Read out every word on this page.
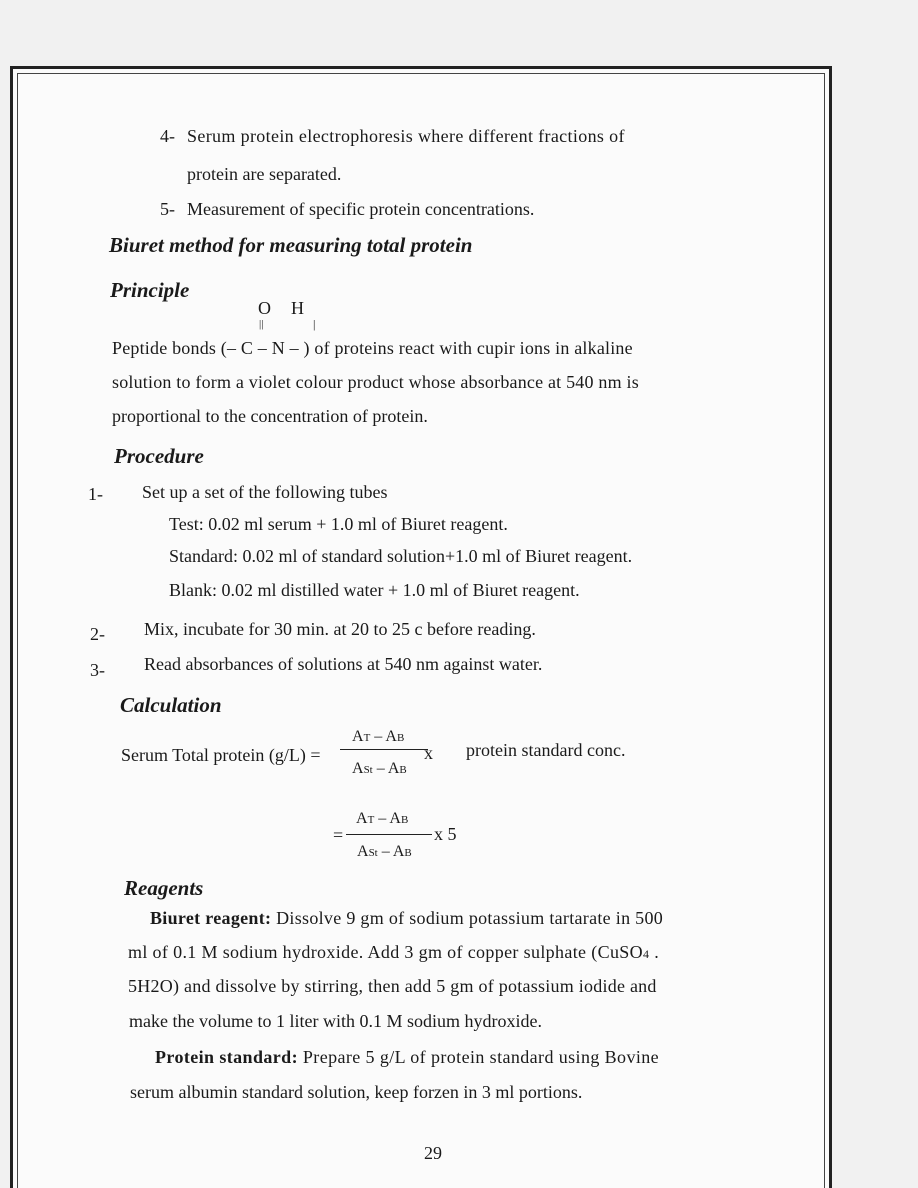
4- Serum protein electrophoresis where different fractions of
protein are separated.
5- Measurement of specific protein concentrations.
Biuret method for measuring total protein
Principle
O H
||	|
Peptide bonds (– C – N – ) of proteins react with cupir ions in alkaline
solution to form a violet colour product whose absorbance at 540 nm is
proportional to the concentration of protein.
Procedure
1- Set up a set of the following tubes
Test: 0.02 ml serum + 1.0 ml of Biuret reagent.
Standard: 0.02 ml of standard solution+1.0 ml of Biuret reagent.
Blank: 0.02 ml distilled water + 1.0 ml of Biuret reagent.
2- Mix, incubate for 30 min. at 20 to 25 c before reading.
3- Read absorbances of solutions at 540 nm against water.
Calculation
Serum Total protein (g/L) =
AT – AB
ASt – AB
x protein standard conc.
AT – AB
=
ASt – AB
x 5
Reagents
Biuret reagent: Dissolve 9 gm of sodium potassium tartarate in 500
ml of 0.1 M sodium hydroxide. Add 3 gm of copper sulphate (CuSO4 .
5H2O) and dissolve by stirring, then add 5 gm of potassium iodide and
make the volume to 1 liter with 0.1 M sodium hydroxide.
Protein standard: Prepare 5 g/L of protein standard using Bovine
serum albumin standard solution, keep forzen in 3 ml portions.
29
